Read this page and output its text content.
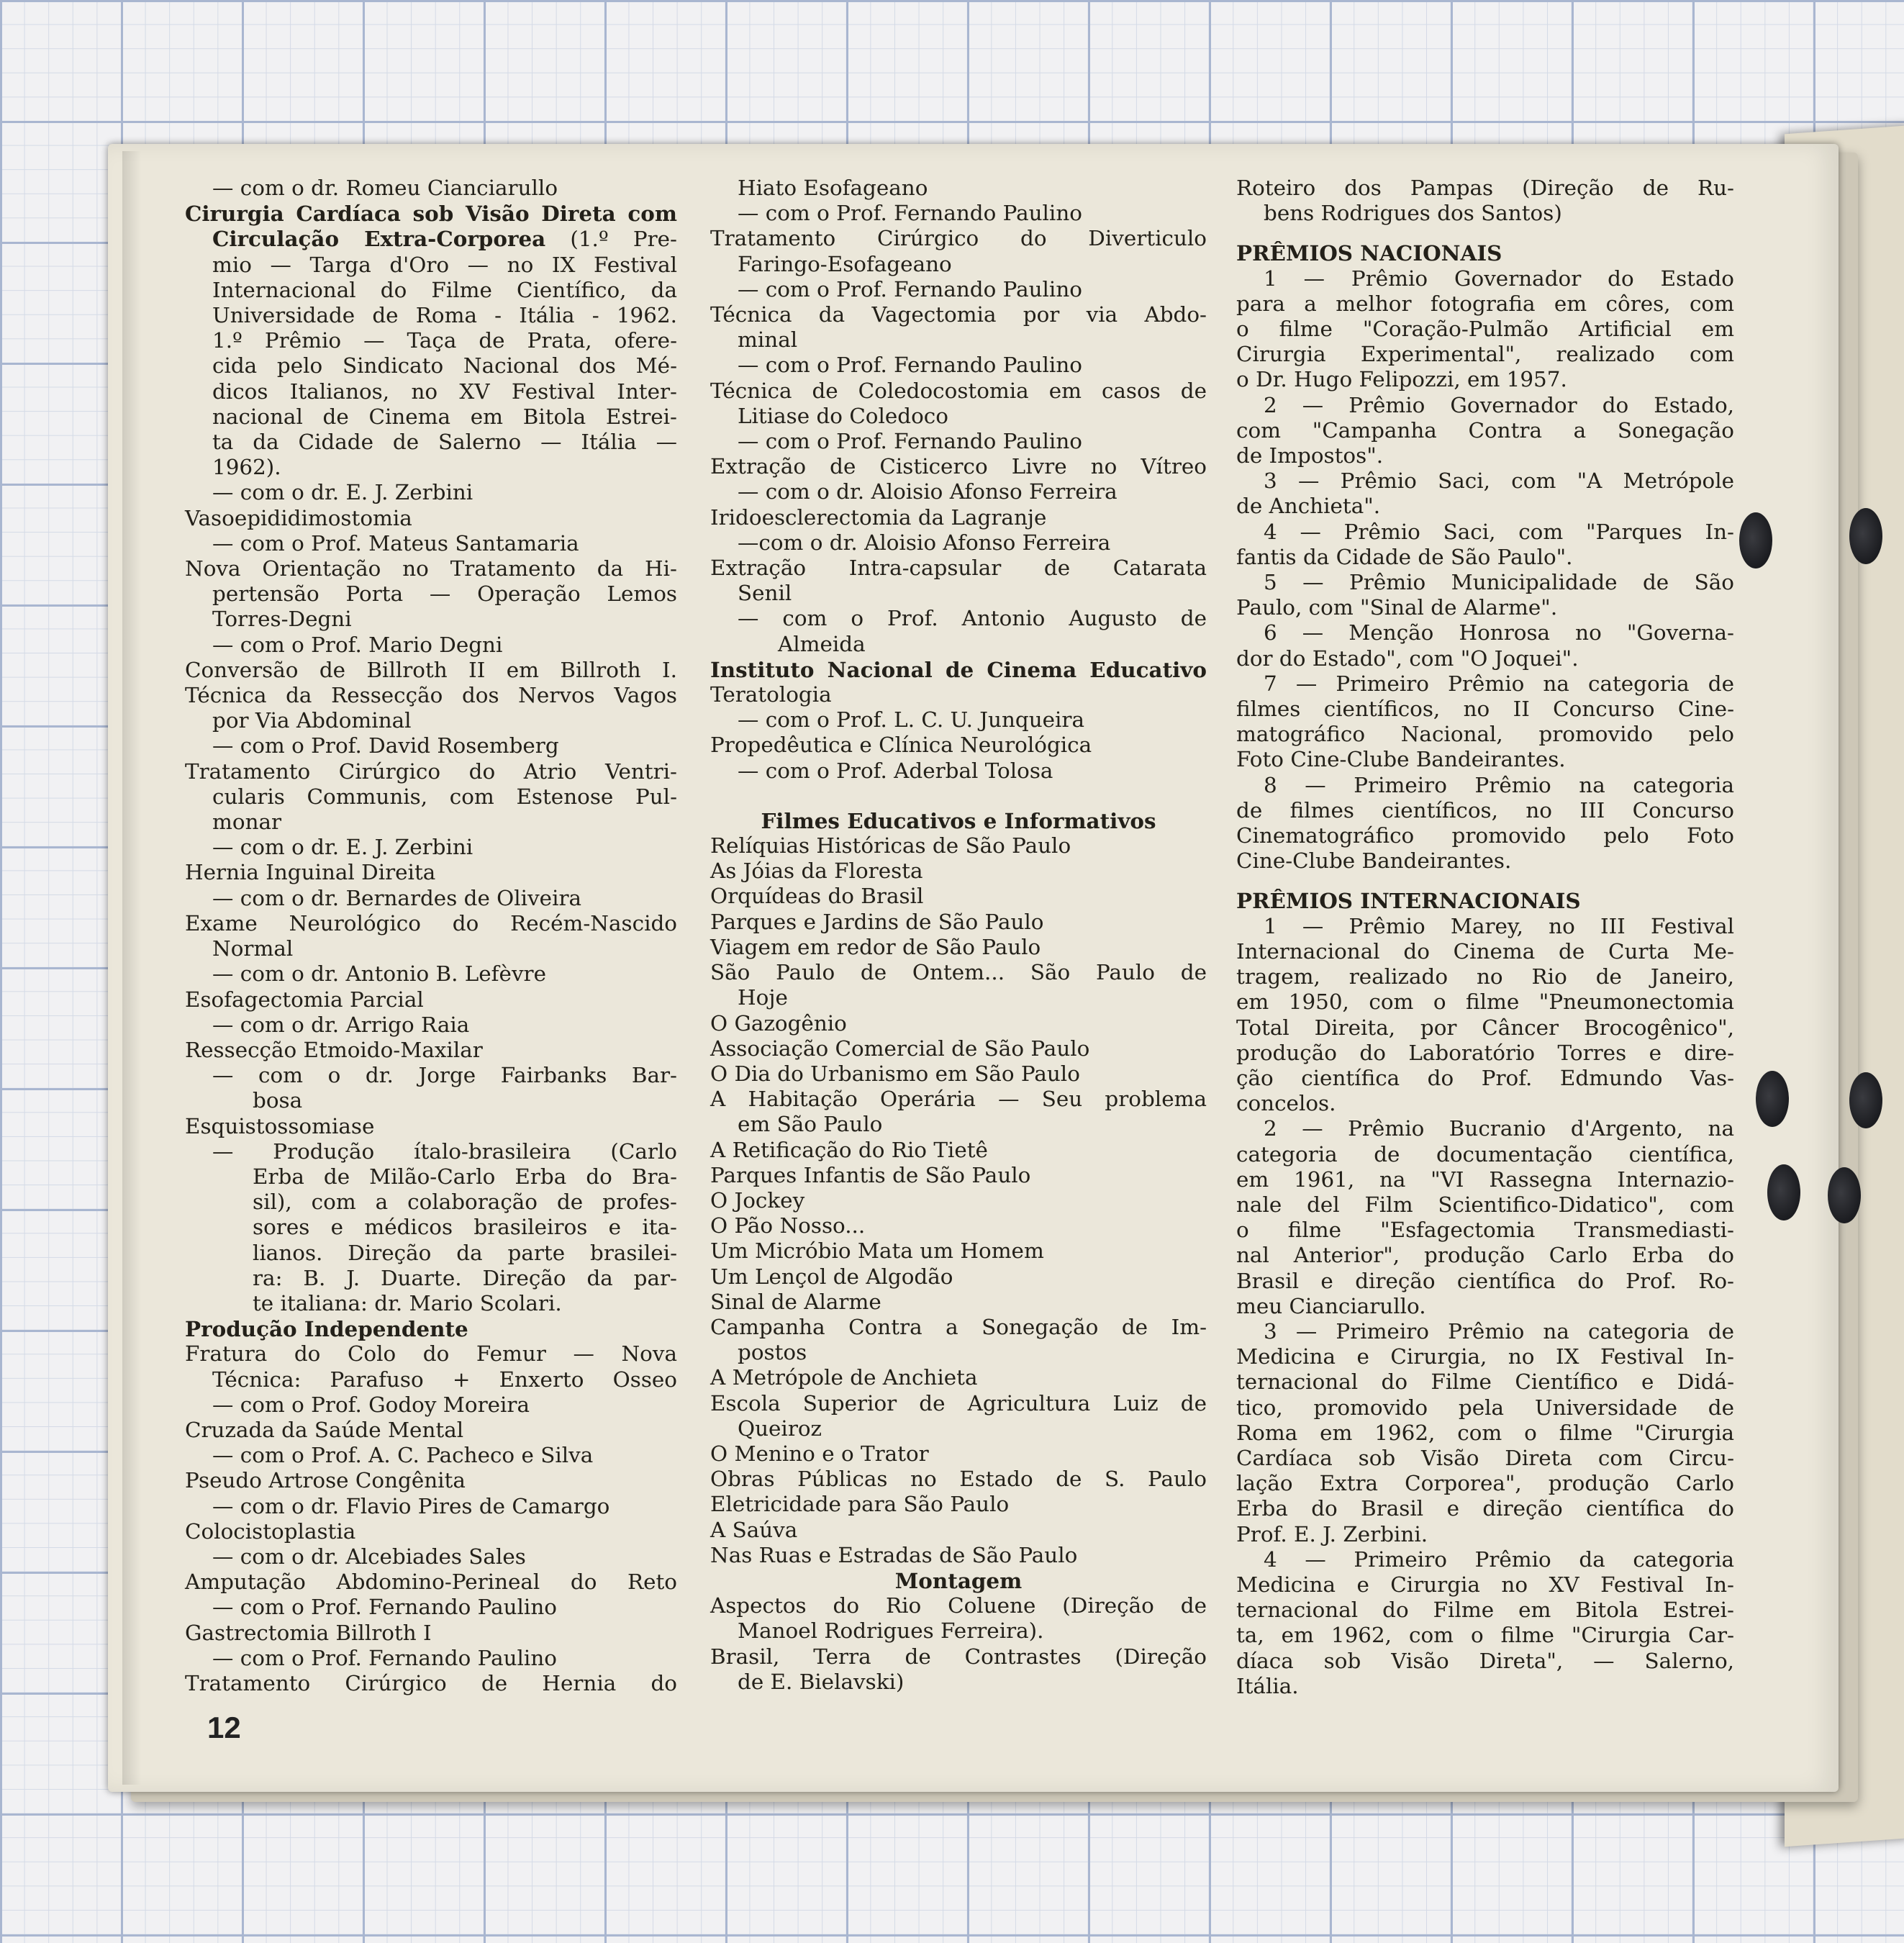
— com o dr. Romeu Cianciarullo

Cirurgia Cardíaca sob Visão Direta com

Circulação Extra-Corporea (1.º Pre-

mio — Targa d'Oro — no IX Festival

Internacional do Filme Científico, da

Universidade de Roma - Itália - 1962.

1.º Prêmio — Taça de Prata, ofere-

cida pelo Sindicato Nacional dos Mé-

dicos Italianos, no XV Festival Inter-

nacional de Cinema em Bitola Estrei-

ta da Cidade de Salerno — Itália —

1962).

— com o dr. E. J. Zerbini

Vasoepididimostomia

— com o Prof. Mateus Santamaria

Nova Orientação no Tratamento da Hi-

pertensão Porta — Operação Lemos

Torres-Degni

— com o Prof. Mario Degni

Conversão de Billroth II em Billroth I.

Técnica da Ressecção dos Nervos Vagos

por Via Abdominal

— com o Prof. David Rosemberg

Tratamento Cirúrgico do Atrio Ventri-

cularis Communis, com Estenose Pul-

monar

— com o dr. E. J. Zerbini

Hernia Inguinal Direita

— com o dr. Bernardes de Oliveira

Exame Neurológico do Recém-Nascido

Normal

— com o dr. Antonio B. Lefèvre

Esofagectomia Parcial

— com o dr. Arrigo Raia

Ressecção Etmoido-Maxilar

— com o dr. Jorge Fairbanks Bar-

bosa

Esquistossomiase

— Produção ítalo-brasileira (Carlo

Erba de Milão-Carlo Erba do Bra-

sil), com a colaboração de profes-

sores e médicos brasileiros e ita-

lianos. Direção da parte brasilei-

ra: B. J. Duarte. Direção da par-

te italiana: dr. Mario Scolari.

Produção Independente

Fratura do Colo do Femur — Nova

Técnica: Parafuso + Enxerto Osseo

— com o Prof. Godoy Moreira

Cruzada da Saúde Mental

— com o Prof. A. C. Pacheco e Silva

Pseudo Artrose Congênita

— com o dr. Flavio Pires de Camargo

Colocistoplastia

— com o dr. Alcebiades Sales

Amputação Abdomino-Perineal do Reto

— com o Prof. Fernando Paulino

Gastrectomia Billroth I

— com o Prof. Fernando Paulino

Tratamento Cirúrgico de Hernia do

Hiato Esofageano

— com o Prof. Fernando Paulino

Tratamento Cirúrgico do Diverticulo

Faringo-Esofageano

— com o Prof. Fernando Paulino

Técnica da Vagectomia por via Abdo-

minal

— com o Prof. Fernando Paulino

Técnica de Coledocostomia em casos de

Litiase do Coledoco

— com o Prof. Fernando Paulino

Extração de Cisticerco Livre no Vítreo

— com o dr. Aloisio Afonso Ferreira

Iridoesclerectomia da Lagranje

—com o dr. Aloisio Afonso Ferreira

Extração Intra-capsular de Catarata

Senil

— com o Prof. Antonio Augusto de

Almeida

Instituto Nacional de Cinema Educativo

Teratologia

— com o Prof. L. C. U. Junqueira

Propedêutica e Clínica Neurológica

— com o Prof. Aderbal Tolosa

Filmes Educativos e Informativos

Relíquias Históricas de São Paulo

As Jóias da Floresta

Orquídeas do Brasil

Parques e Jardins de São Paulo

Viagem em redor de São Paulo

São Paulo de Ontem... São Paulo de

Hoje

O Gazogênio

Associação Comercial de São Paulo

O Dia do Urbanismo em São Paulo

A Habitação Operária — Seu problema

em São Paulo

A Retificação do Rio Tietê

Parques Infantis de São Paulo

O Jockey

O Pão Nosso...

Um Micróbio Mata um Homem

Um Lençol de Algodão

Sinal de Alarme

Campanha Contra a Sonegação de Im-

postos

A Metrópole de Anchieta

Escola Superior de Agricultura Luiz de

Queiroz

O Menino e o Trator

Obras Públicas no Estado de S. Paulo

Eletricidade para São Paulo

A Saúva

Nas Ruas e Estradas de São Paulo

Montagem

Aspectos do Rio Coluene (Direção de

Manoel Rodrigues Ferreira).

Brasil, Terra de Contrastes (Direção

de E. Bielavski)

Roteiro dos Pampas (Direção de Ru-

bens Rodrigues dos Santos)

PRÊMIOS NACIONAIS

1 — Prêmio Governador do Estado

para a melhor fotografia em côres, com

o filme "Coração-Pulmão Artificial em

Cirurgia Experimental", realizado com

o Dr. Hugo Felipozzi, em 1957.

2 — Prêmio Governador do Estado,

com "Campanha Contra a Sonegação

de Impostos".

3 — Prêmio Saci, com "A Metrópole

de Anchieta".

4 — Prêmio Saci, com "Parques In-

fantis da Cidade de São Paulo".

5 — Prêmio Municipalidade de São

Paulo, com "Sinal de Alarme".

6 — Menção Honrosa no "Governa-

dor do Estado", com "O Joquei".

7 — Primeiro Prêmio na categoria de

filmes científicos, no II Concurso Cine-

matográfico Nacional, promovido pelo

Foto Cine-Clube Bandeirantes.

8 — Primeiro Prêmio na categoria

de filmes científicos, no III Concurso

Cinematográfico promovido pelo Foto

Cine-Clube Bandeirantes.

PRÊMIOS INTERNACIONAIS

1 — Prêmio Marey, no III Festival

Internacional do Cinema de Curta Me-

tragem, realizado no Rio de Janeiro,

em 1950, com o filme "Pneumonectomia

Total Direita, por Câncer Brocogênico",

produção do Laboratório Torres e dire-

ção científica do Prof. Edmundo Vas-

concelos.

2 — Prêmio Bucranio d'Argento, na

categoria de documentação científica,

em 1961, na "VI Rassegna Internazio-

nale del Film Scientifico-Didatico", com

o filme "Esfagectomia Transmediasti-

nal Anterior", produção Carlo Erba do

Brasil e direção científica do Prof. Ro-

meu Cianciarullo.

3 — Primeiro Prêmio na categoria de

Medicina e Cirurgia, no IX Festival In-

ternacional do Filme Científico e Didá-

tico, promovido pela Universidade de

Roma em 1962, com o filme "Cirurgia

Cardíaca sob Visão Direta com Circu-

lação Extra Corporea", produção Carlo

Erba do Brasil e direção científica do

Prof. E. J. Zerbini.

4 — Primeiro Prêmio da categoria

Medicina e Cirurgia no XV Festival In-

ternacional do Filme em Bitola Estrei-

ta, em 1962, com o filme "Cirurgia Car-

díaca sob Visão Direta", — Salerno,

Itália.

12
